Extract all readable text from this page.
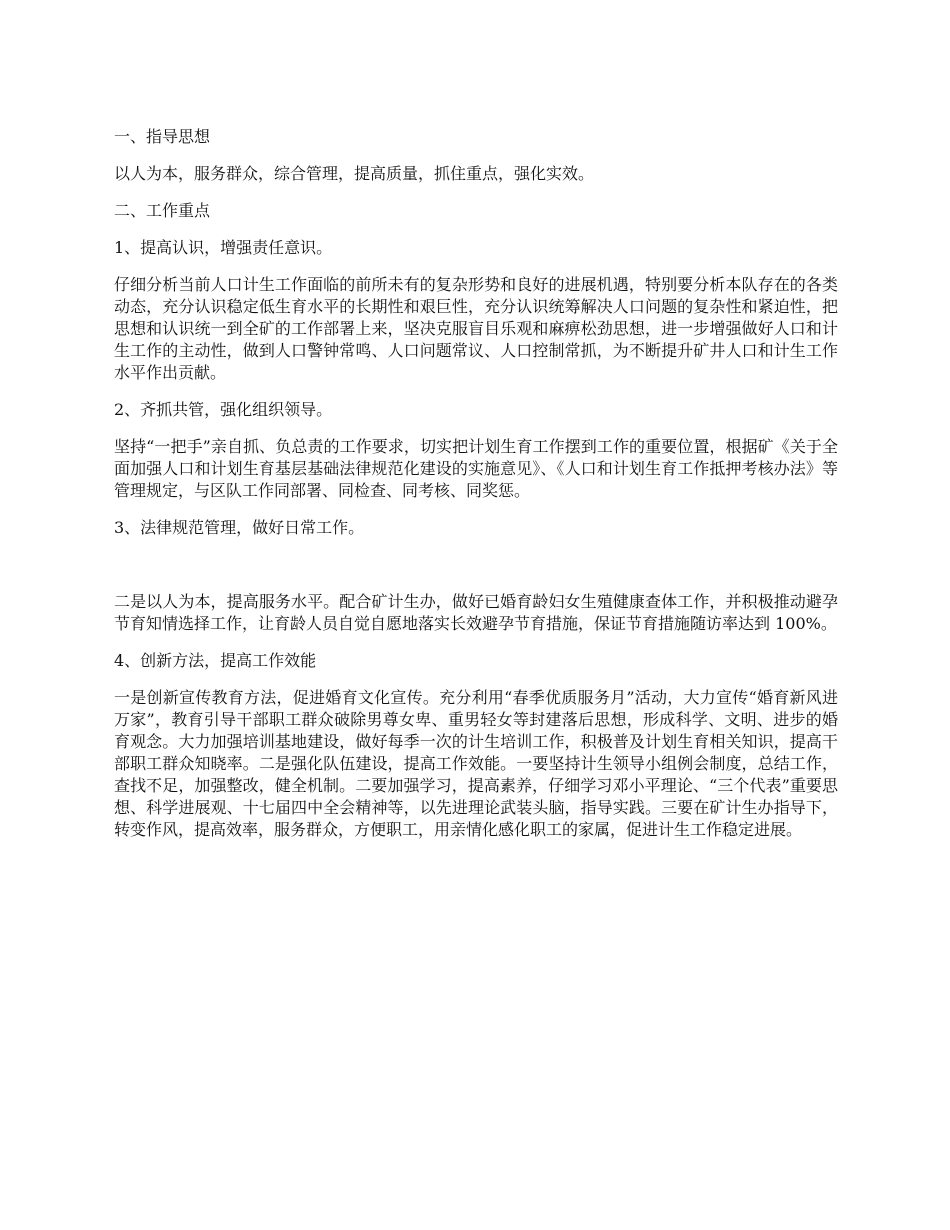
一、指导思想

以人为本，服务群众，综合管理，提高质量，抓住重点，强化实效。

二、工作重点

1、提高认识，增强责任意识。

仔细分析当前人口计生工作面临的前所未有的复杂形势和良好的进展机遇，特别要分析本队存在的各类动态，充分认识稳定低生育水平的长期性和艰巨性，充分认识统筹解决人口问题的复杂性和紧迫性，把思想和认识统一到全矿的工作部署上来，坚决克服盲目乐观和麻痹松劲思想，进一步增强做好人口和计生工作的主动性，做到人口警钟常鸣、人口问题常议、人口控制常抓，为不断提升矿井人口和计生工作水平作出贡献。

2、齐抓共管，强化组织领导。

坚持“一把手”亲自抓、负总责的工作要求，切实把计划生育工作摆到工作的重要位置，根据矿《关于全面加强人口和计划生育基层基础法律规范化建设的实施意见》、《人口和计划生育工作抵押考核办法》等管理规定，与区队工作同部署、同检查、同考核、同奖惩。

3、法律规范管理，做好日常工作。

二是以人为本，提高服务水平。配合矿计生办，做好已婚育龄妇女生殖健康查体工作，并积极推动避孕节育知情选择工作，让育龄人员自觉自愿地落实长效避孕节育措施，保证节育措施随访率达到 100%。

4、创新方法，提高工作效能

一是创新宣传教育方法，促进婚育文化宣传。充分利用“春季优质服务月”活动，大力宣传“婚育新风进万家”，教育引导干部职工群众破除男尊女卑、重男轻女等封建落后思想，形成科学、文明、进步的婚育观念。大力加强培训基地建设，做好每季一次的计生培训工作，积极普及计划生育相关知识，提高干部职工群众知晓率。二是强化队伍建设，提高工作效能。一要坚持计生领导小组例会制度，总结工作，查找不足，加强整改，健全机制。二要加强学习，提高素养，仔细学习邓小平理论、“三个代表”重要思想、科学进展观、十七届四中全会精神等，以先进理论武装头脑，指导实践。三要在矿计生办指导下，转变作风，提高效率，服务群众，方便职工，用亲情化感化职工的家属，促进计生工作稳定进展。
